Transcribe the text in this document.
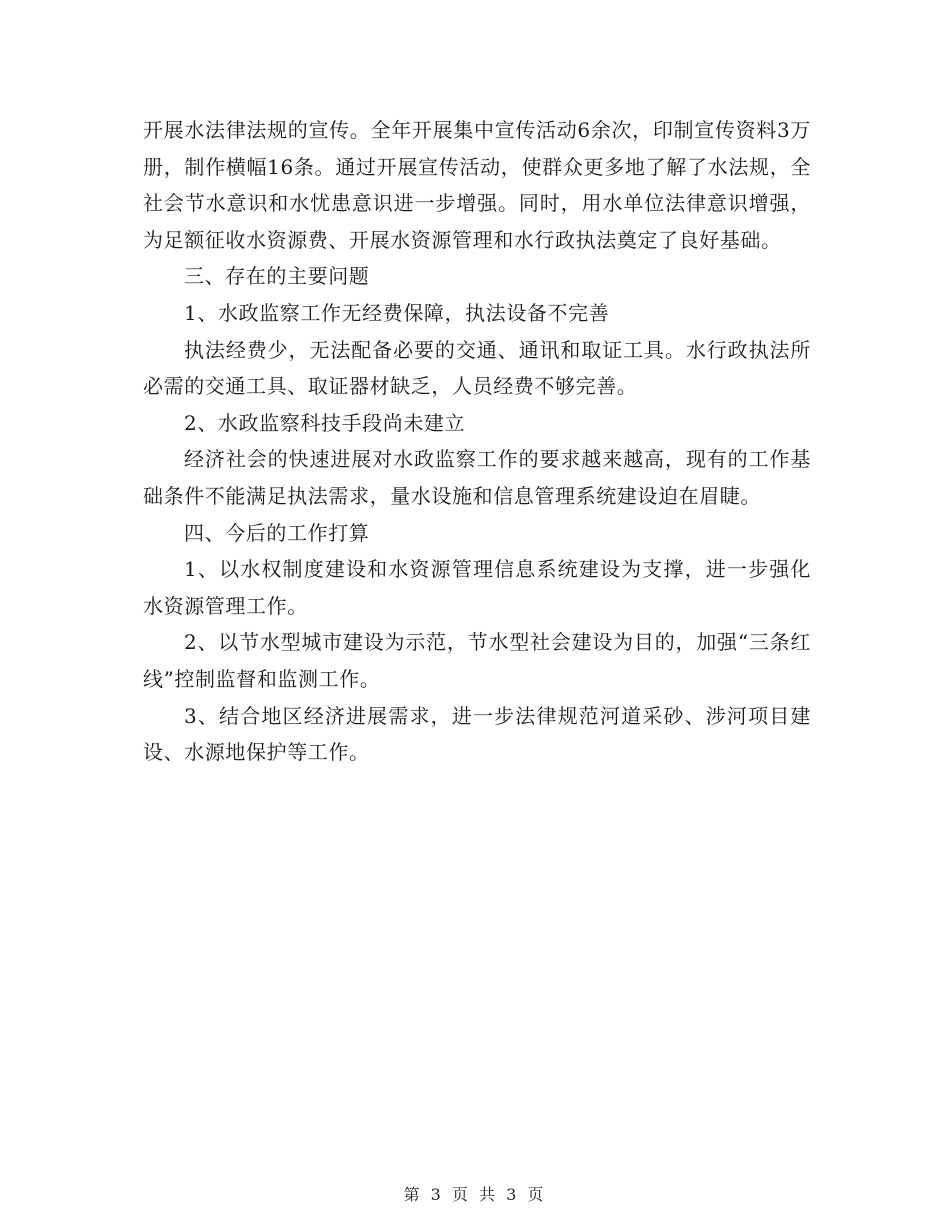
开展水法律法规的宣传。全年开展集中宣传活动6余次，印制宣传资料3万册，制作横幅16条。通过开展宣传活动，使群众更多地了解了水法规，全社会节水意识和水忧患意识进一步增强。同时，用水单位法律意识增强，为足额征收水资源费、开展水资源管理和水行政执法奠定了良好基础。

三、存在的主要问题

1、水政监察工作无经费保障，执法设备不完善

执法经费少，无法配备必要的交通、通讯和取证工具。水行政执法所必需的交通工具、取证器材缺乏，人员经费不够完善。

2、水政监察科技手段尚未建立

经济社会的快速进展对水政监察工作的要求越来越高，现有的工作基础条件不能满足执法需求，量水设施和信息管理系统建设迫在眉睫。

四、今后的工作打算

1、以水权制度建设和水资源管理信息系统建设为支撑，进一步强化水资源管理工作。

2、以节水型城市建设为示范，节水型社会建设为目的，加强“三条红线”控制监督和监测工作。

3、结合地区经济进展需求，进一步法律规范河道采砂、涉河项目建设、水源地保护等工作。

第 3 页 共 3 页
